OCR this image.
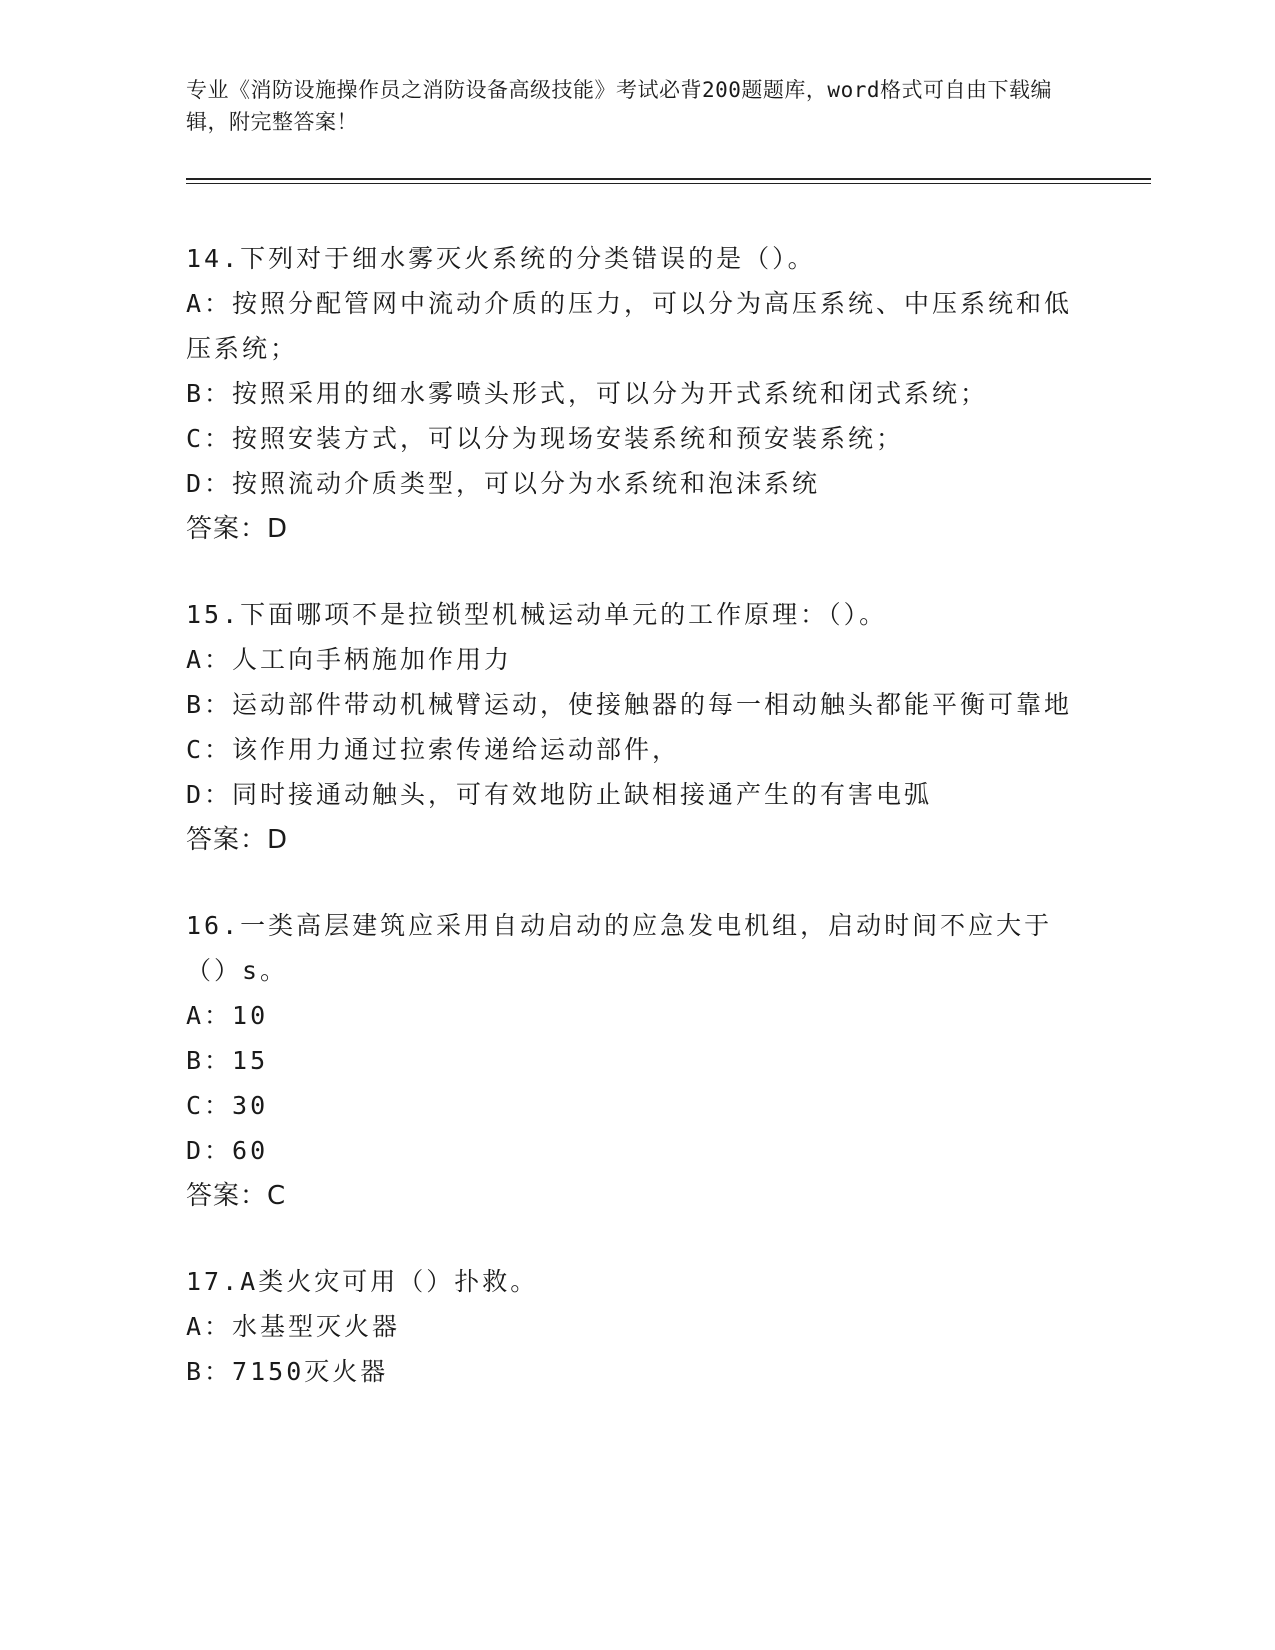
专业《消防设施操作员之消防设备高级技能》考试必背200题题库，word格式可自由下载编辑，附完整答案！
14.下列对于细水雾灭火系统的分类错误的是（）。
A：按照分配管网中流动介质的压力，可以分为高压系统、中压系统和低压系统；
B：按照采用的细水雾喷头形式，可以分为开式系统和闭式系统；
C：按照安装方式，可以分为现场安装系统和预安装系统；
D：按照流动介质类型，可以分为水系统和泡沫系统
答案：D
15.下面哪项不是拉锁型机械运动单元的工作原理：（）。
A：人工向手柄施加作用力
B：运动部件带动机械臂运动，使接触器的每一相动触头都能平衡可靠地
C：该作用力通过拉索传递给运动部件，
D：同时接通动触头，可有效地防止缺相接通产生的有害电弧
答案：D
16.一类高层建筑应采用自动启动的应急发电机组，启动时间不应大于（）s。
A：10
B：15
C：30
D：60
答案：C
17.A类火灾可用（）扑救。
A：水基型灭火器
B：7150灭火器
